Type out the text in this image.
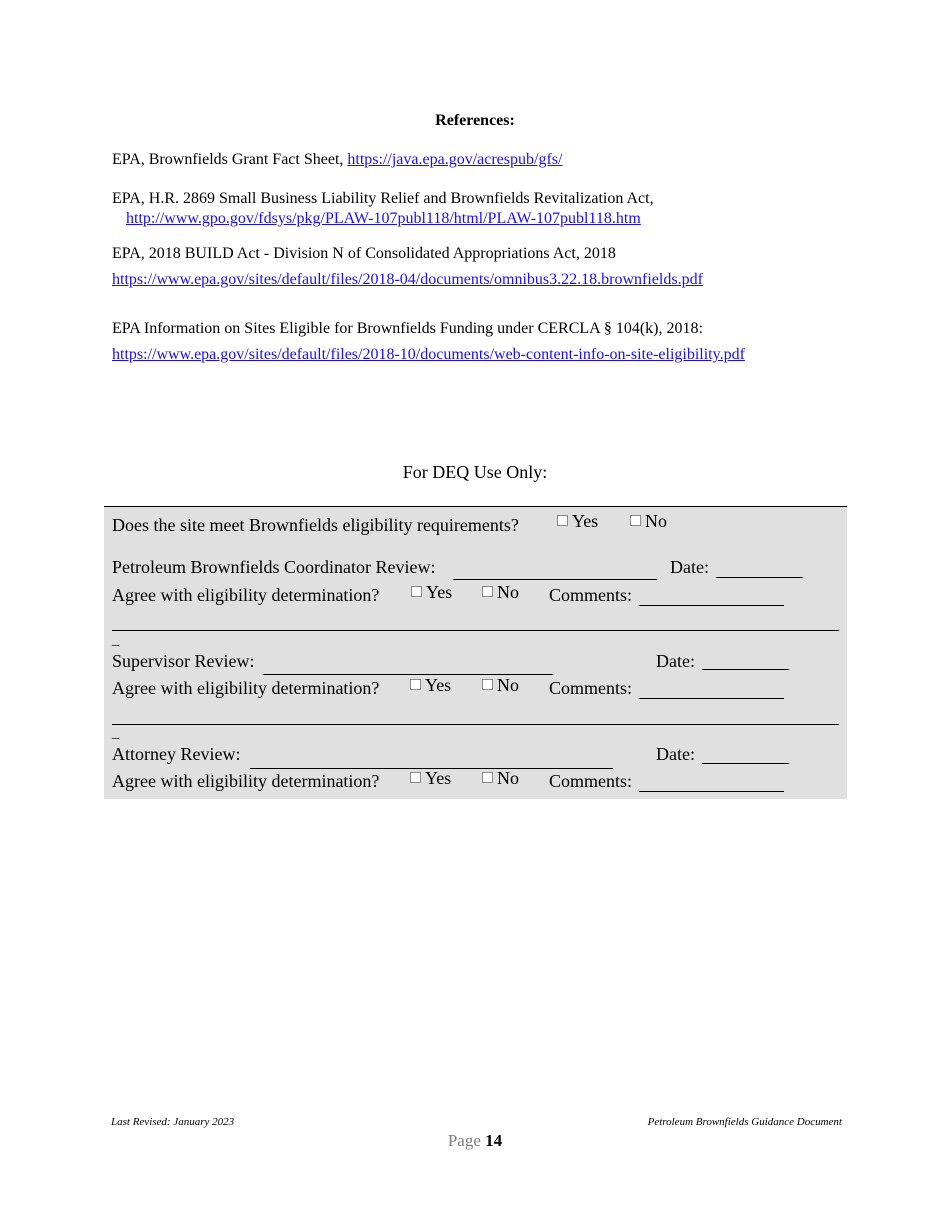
References:
EPA, Brownfields Grant Fact Sheet, https://java.epa.gov/acrespub/gfs/
EPA, H.R. 2869 Small Business Liability Relief and Brownfields Revitalization Act,
http://www.gpo.gov/fdsys/pkg/PLAW-107publ118/html/PLAW-107publ118.htm
EPA, 2018 BUILD Act - Division N of Consolidated Appropriations Act, 2018
https://www.epa.gov/sites/default/files/2018-04/documents/omnibus3.22.18.brownfields.pdf
EPA Information on Sites Eligible for Brownfields Funding under CERCLA § 104(k), 2018:
https://www.epa.gov/sites/default/files/2018-10/documents/web-content-info-on-site-eligibility.pdf
For DEQ Use Only:
Does the site meet Brownfields eligibility requirements?	Yes	No
Petroleum Brownfields Coordinator Review:	Date:
Agree with eligibility determination?	Yes	No Comments:
_
Supervisor Review:	Date:
Agree with eligibility determination?	Yes	No Comments:
_
Attorney Review:	Date:
Agree with eligibility determination?	Yes	No Comments:
Last Revised: January 2023	Petroleum Brownfields Guidance Document
Page 14
